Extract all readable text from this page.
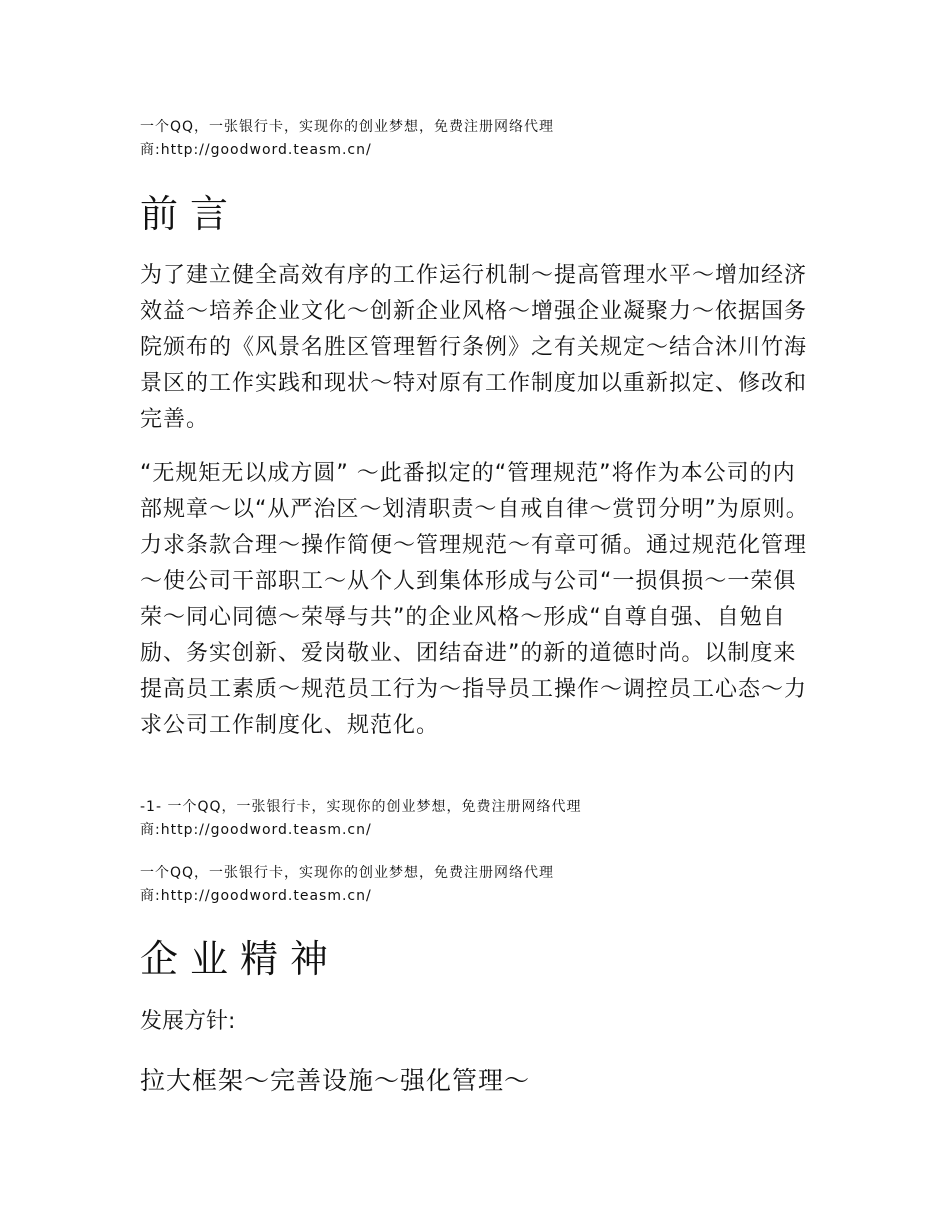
一个QQ，一张银行卡，实现你的创业梦想，免费注册网络代理商:http://goodword.teasm.cn/

前言

为了建立健全高效有序的工作运行机制～提高管理水平～增加经济效益～培养企业文化～创新企业风格～增强企业凝聚力～依据国务院颁布的《风景名胜区管理暂行条例》之有关规定～结合沐川竹海景区的工作实践和现状～特对原有工作制度加以重新拟定、修改和完善。

“无规矩无以成方圆” ～此番拟定的“管理规范”将作为本公司的内部规章～以“从严治区～划清职责～自戒自律～赏罚分明”为原则。力求条款合理～操作简便～管理规范～有章可循。通过规范化管理～使公司干部职工～从个人到集体形成与公司“一损俱损～一荣俱荣～同心同德～荣辱与共”的企业风格～形成“自尊自强、自勉自励、务实创新、爱岗敬业、团结奋进”的新的道德时尚。以制度来提高员工素质～规范员工行为～指导员工操作～调控员工心态～力求公司工作制度化、规范化。

-1- 一个QQ，一张银行卡，实现你的创业梦想，免费注册网络代理商:http://goodword.teasm.cn/

一个QQ，一张银行卡，实现你的创业梦想，免费注册网络代理商:http://goodword.teasm.cn/

企业精神

发展方针:

拉大框架～完善设施～强化管理～
